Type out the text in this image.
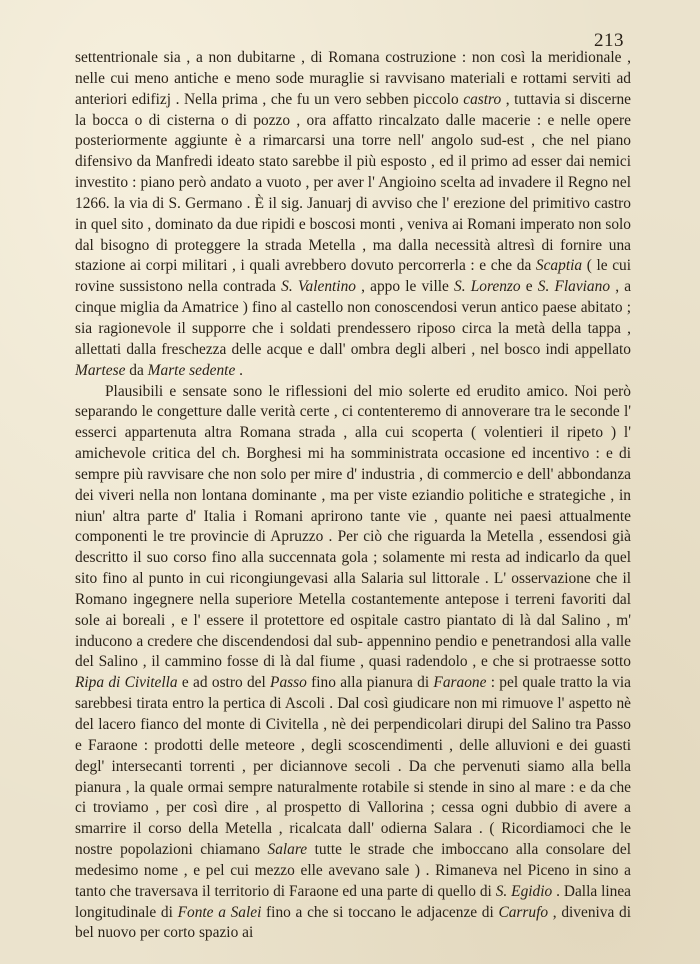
213

settentrionale sia , a non dubitarne , di Romana costruzione : non così la meridionale , nelle cui meno antiche e meno sode muraglie si ravvisano materiali e rottami serviti ad anteriori edifizj . Nella prima , che fu un vero sebben piccolo castro , tuttavia si discerne la bocca o di cisterna o di pozzo , ora affatto rincalzato dalle macerie : e nelle opere posteriormente aggiunte è a rimarcarsi una torre nell' angolo sud-est , che nel piano difensivo da Manfredi ideato stato sarebbe il più esposto , ed il primo ad esser dai nemici investito : piano però andato a vuoto , per aver l' Angioino scelta ad invadere il Regno nel 1266. la via di S. Germano . È il sig. Januarj di avviso che l' erezione del primitivo castro in quel sito , dominato da due ripidi e boscosi monti , veniva ai Romani imperato non solo dal bisogno di proteggere la strada Metella , ma dalla necessità altresì di fornire una stazione ai corpi militari , i quali avrebbero dovuto percorrerla : e che da Scaptia ( le cui rovine sussistono nella contrada S. Valentino , appo le ville S. Lorenzo e S. Flaviano , a cinque miglia da Amatrice ) fino al castello non conoscendosi verun antico paese abitato ; sia ragionevole il supporre che i soldati prendessero riposo circa la metà della tappa , allettati dalla freschezza delle acque e dall' ombra degli alberi , nel bosco indi appellato Martese da Marte sedente .

Plausibili e sensate sono le riflessioni del mio solerte ed erudito amico. Noi però separando le congetture dalle verità certe , ci contenteremo di annoverare tra le seconde l' esserci appartenuta altra Romana strada , alla cui scoperta ( volentieri il ripeto ) l' amichevole critica del ch. Borghesi mi ha somministrata occasione ed incentivo : e di sempre più ravvisare che non solo per mire d' industria , di commercio e dell' abbondanza dei viveri nella non lontana dominante , ma per viste eziandio politiche e strategiche , in niun' altra parte d' Italia i Romani aprirono tante vie , quante nei paesi attualmente componenti le tre provincie di Apruzzo . Per ciò che riguarda la Metella , essendosi già descritto il suo corso fino alla succennata gola ; solamente mi resta ad indicarlo da quel sito fino al punto in cui ricongiungevasi alla Salaria sul littorale . L' osservazione che il Romano ingegnere nella superiore Metella costantemente antepose i terreni favoriti dal sole ai boreali , e l' essere il protettore ed ospitale castro piantato di là dal Salino , m' inducono a credere che discendendosi dal sub- appennino pendio e penetrandosi alla valle del Salino , il cammino fosse di là dal fiume , quasi radendolo , e che si protraesse sotto Ripa di Civitella e ad ostro del Passo fino alla pianura di Faraone : pel quale tratto la via sarebbesi tirata entro la pertica di Ascoli . Dal così giudicare non mi rimuove l' aspetto nè del lacero fianco del monte di Civitella , nè dei perpendicolari dirupi del Salino tra Passo e Faraone : prodotti delle meteore , degli scoscendimenti , delle alluvioni e dei guasti degl' intersecanti torrenti , per diciannove secoli . Da che pervenuti siamo alla bella pianura , la quale ormai sempre naturalmente rotabile si stende in sino al mare : e da che ci troviamo , per così dire , al prospetto di Vallorina ; cessa ogni dubbio di avere a smarrire il corso della Metella , ricalcata dall' odierna Salara . ( Ricordiamoci che le nostre popolazioni chiamano Salare tutte le strade che imboccano alla consolare del medesimo nome , e pel cui mezzo elle avevano sale ) . Rimaneva nel Piceno in sino a tanto che traversava il territorio di Faraone ed una parte di quello di S. Egidio . Dalla linea longitudinale di Fonte a Salei fino a che si toccano le adjacenze di Carrufo , diveniva di bel nuovo per corto spazio ai
